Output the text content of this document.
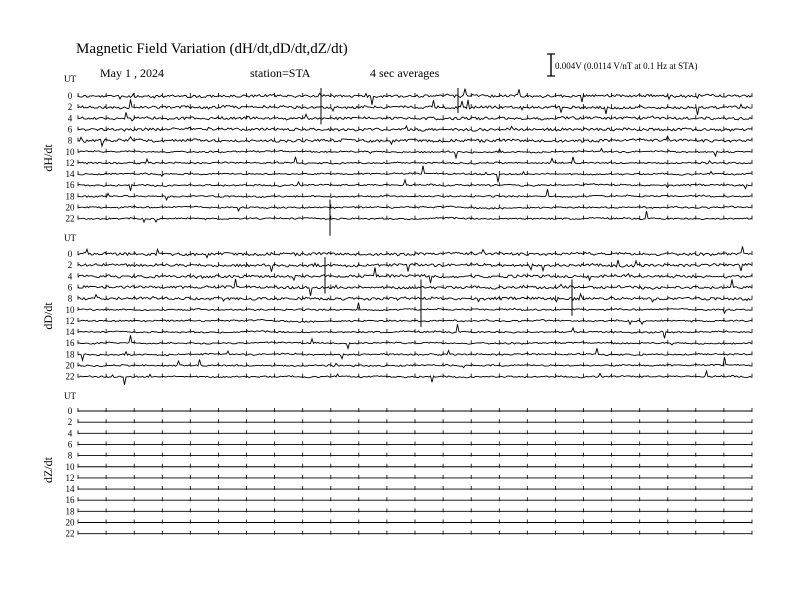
Magnetic Field Variation (dH/dt,dD/dt,dZ/dt)
May 1 , 2024	station=STA	4 sec averages	0.004V (0.0114 V/nT at 0.1 Hz at STA)
UT
dH/dt
0
2
4
6
8
10
12
14
16
18
20
22
UT
dD/dt
0
2
4
6
8
10
12
14
16
18
20
22
UT
dZ/dt
0
2
4
6
8
10
12
14
16
18
20
22
